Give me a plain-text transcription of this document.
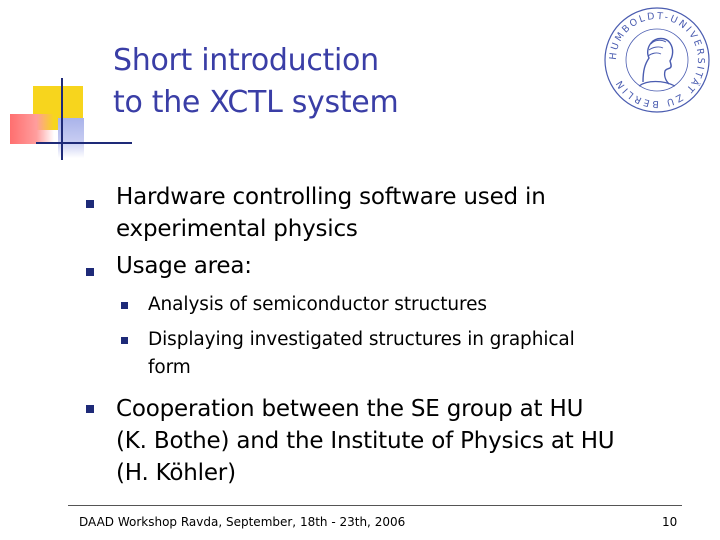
Short introduction
to the XCTL system
HUMBOLDT-UNIVERSITÄT ZU BERLIN
Hardware controlling software used in
experimental physics
Usage area:
Analysis of semiconductor structures
Displaying investigated structures in graphical
form
Cooperation between the SE group at HU
(K. Bothe) and the Institute of Physics at HU
(H. Köhler)
DAAD Workshop Ravda, September, 18th - 23th, 2006	10
